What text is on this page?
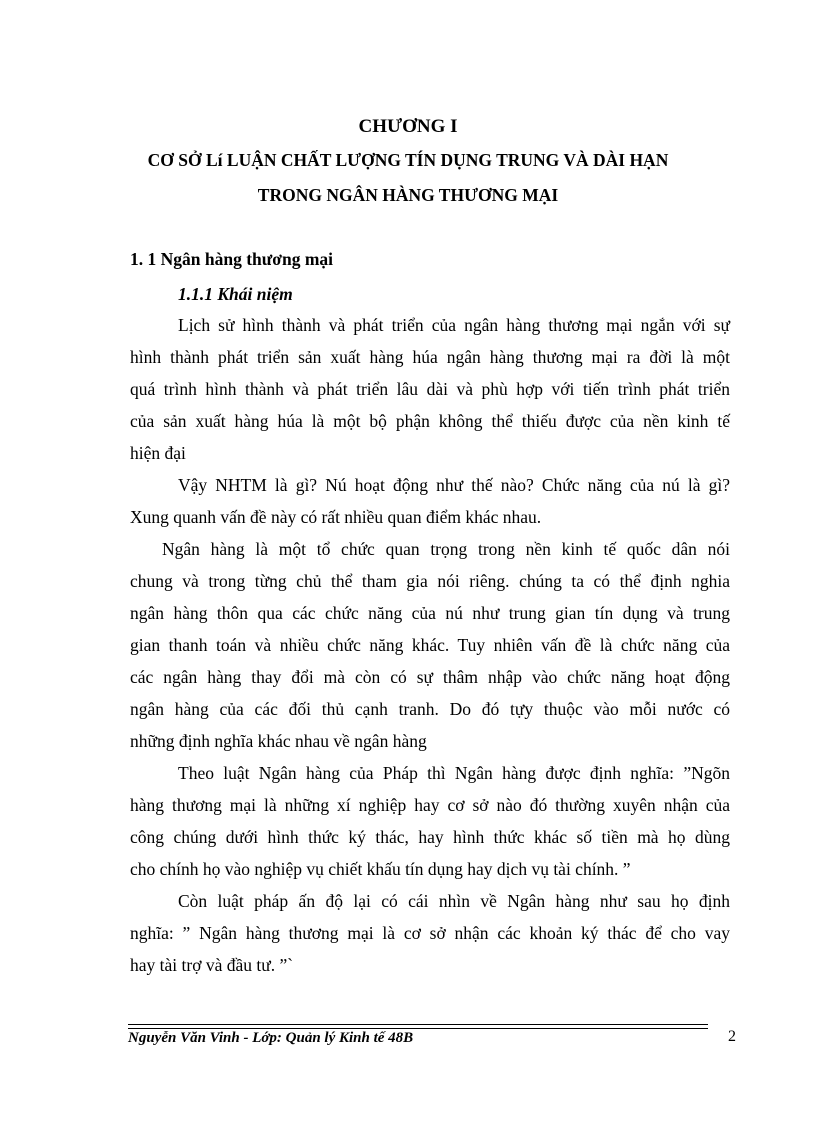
CHƯƠNG I

CƠ SỞ Lí LUẬN CHẤT LƯỢNG TÍN DỤNG TRUNG VÀ DÀI HẠN

TRONG NGÂN HÀNG THƯƠNG MẠI

1. 1 Ngân hàng thương mại

1.1.1 Khái niệm

Lịch sử hình thành và phát triển của ngân hàng thương mại ngắn với sự
hình thành phát triển sản xuất hàng húa ngân hàng thương mại ra đời là một
quá trình hình thành và phát triển lâu dài và phù hợp với tiến trình phát triển
của sản xuất hàng húa là một bộ phận không thể thiếu được của nền kinh tế
hiện đại
Vậy NHTM là gì? Nú hoạt động như thế nào? Chức năng của nú là gì?
Xung quanh vấn đề này có rất nhiều quan điểm khác nhau.
Ngân hàng là một tổ chức quan trọng trong nền kinh tế quốc dân nói
chung và trong từng chủ thể tham gia nói riêng. chúng ta có thể định nghia
ngân hàng thôn qua các chức năng của nú như trung gian tín dụng và trung
gian thanh toán và nhiều chức năng khác. Tuy nhiên vấn đề là chức năng của
các ngân hàng thay đổi mà còn có sự thâm nhập vào chức năng hoạt động
ngân hàng của các đối thủ cạnh tranh. Do đó tựy thuộc vào mỗi nước có
những định nghĩa khác nhau về ngân hàng
Theo luật Ngân hàng của Pháp thì Ngân hàng được định nghĩa: ”Ngõn
hàng thương mại là những xí nghiệp hay cơ sở nào đó thường xuyên nhận của
công chúng dưới hình thức ký thác, hay hình thức khác số tiền mà họ dùng
cho chính họ vào nghiệp vụ chiết khấu tín dụng hay dịch vụ tài chính. ”
Còn luật pháp ấn độ lại có cái nhìn về Ngân hàng như sau họ định
nghĩa: ” Ngân hàng thương mại là cơ sở nhận các khoản ký thác để cho vay
hay tài trợ và đầu tư. ”`

Nguyễn Văn Vinh - Lớp: Quản lý Kinh tế 48B	2
